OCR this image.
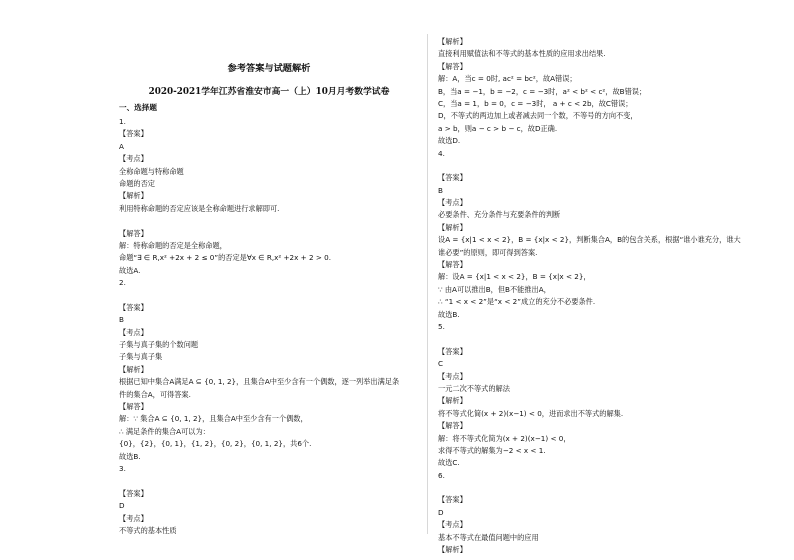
参考答案与试题解析
2020-2021学年江苏省淮安市高一（上）10月月考数学试卷
一、选择题
1.
【答案】
A
【考点】
全称命题与特称命题
命题的否定
【解析】
利用特称命题的否定应该是全称命题进行求解即可.
【解答】
解：特称命题的否定是全称命题，
命题“∃ ∈ R,x² +2x + 2 ≤ 0”的否定是∀x ∈ R,x² +2x + 2 > 0.
故选A.
2.
【答案】
B
【考点】
子集与真子集的个数问题
子集与真子集
【解析】
根据已知中集合A满足A ⊆ {0, 1, 2}，且集合A中至少含有一个偶数，逐一列举出满足条
件的集合A，可得答案.
【解答】
解：∵ 集合A ⊆ {0, 1, 2}，且集合A中至少含有一个偶数，
∴ 满足条件的集合A可以为：
{0}，{2}，{0, 1}，{1, 2}，{0, 2}，{0, 1, 2}，共6个.
故选B.
3.
【答案】
D
【考点】
不等式的基本性质
【解析】
直接利用赋值法和不等式的基本性质的应用求出结果.
【解答】
解：A，当c = 0时, ac² = bc²，故A错误；
B，当a = −1，b = −2，c = −3时，a² < b² < c²，故B错误；
C，当a = 1，b = 0，c = −3时， a + c < 2b，故C错误；
D，不等式的两边加上或者减去同一个数，不等号的方向不变，
a > b，则a − c > b − c，故D正确.
故选D.
4.
【答案】
B
【考点】
必要条件、充分条件与充要条件的判断
【解析】
设A = {x|1 < x < 2}，B = {x|x < 2}，判断集合A，B的包含关系，根据“谁小谁充分，谁大
谁必要”的原则，即可得到答案.
【解答】
解：设A = {x|1 < x < 2}，B = {x|x < 2}，
∵ 由A可以推出B，但B不能推出A，
∴ “1 < x < 2”是“x < 2”成立的充分不必要条件.
故选B.
5.
【答案】
C
【考点】
一元二次不等式的解法
【解析】
将不等式化简(x + 2)(x−1) < 0，进而求出不等式的解集.
【解答】
解：将不等式化简为(x + 2)(x−1) < 0，
求得不等式的解集为−2 < x < 1.
故选C.
6.
【答案】
D
【考点】
基本不等式在最值问题中的应用
【解析】
